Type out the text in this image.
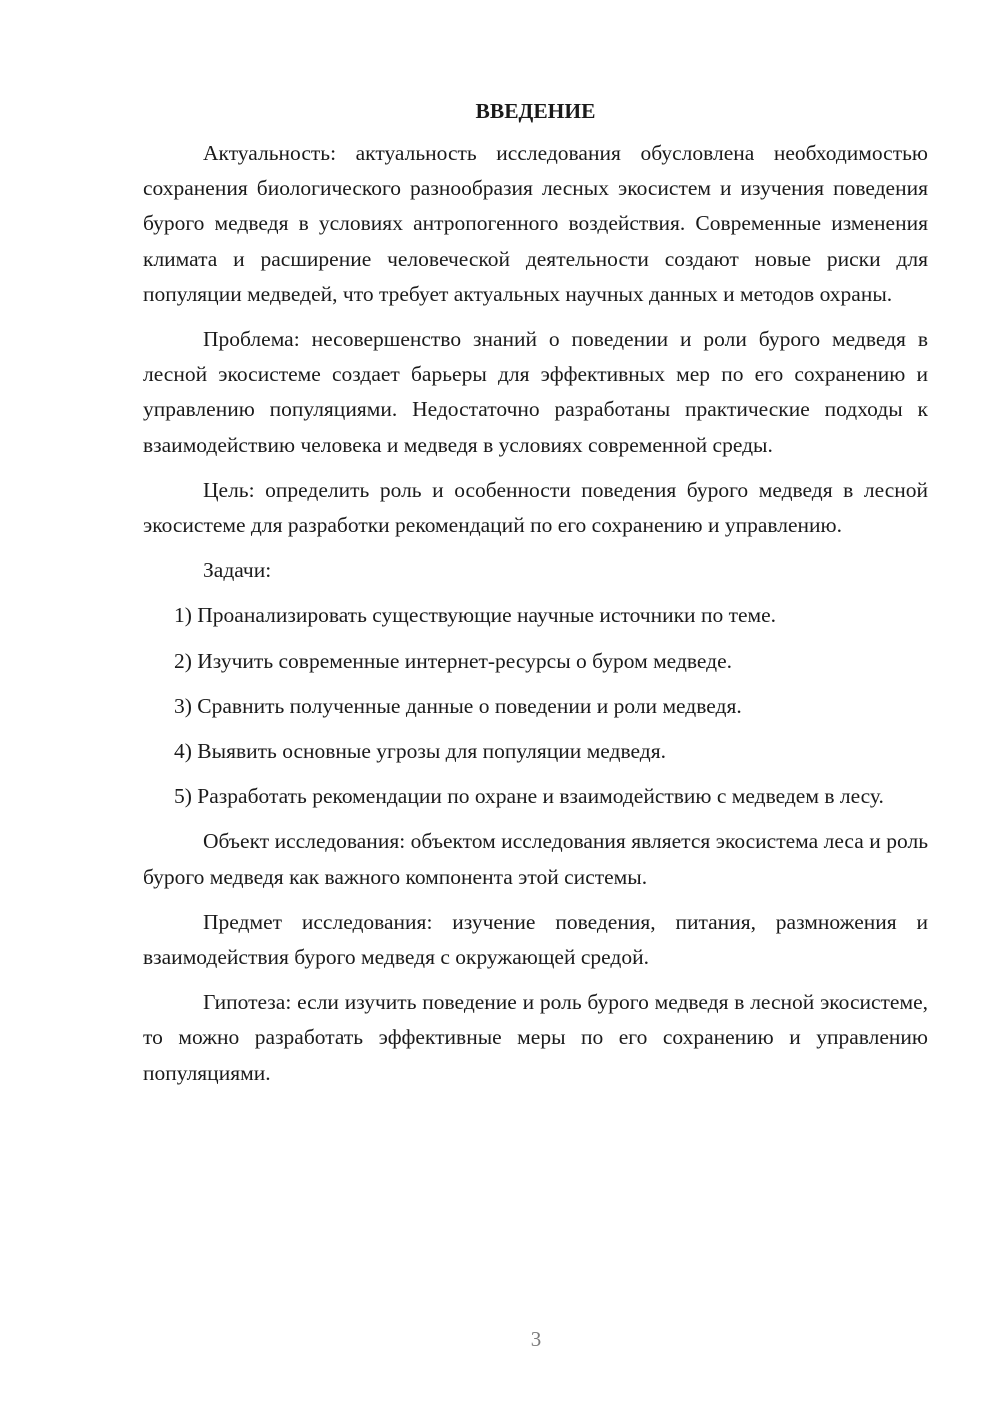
ВВЕДЕНИЕ

Актуальность: актуальность исследования обусловлена необходимостью сохранения биологического разнообразия лесных экосистем и изучения поведения бурого медведя в условиях антропогенного воздействия. Современные изменения климата и расширение человеческой деятельности создают новые риски для популяции медведей, что требует актуальных научных данных и методов охраны.

Проблема: несовершенство знаний о поведении и роли бурого медведя в лесной экосистеме создает барьеры для эффективных мер по его сохранению и управлению популяциями. Недостаточно разработаны практические подходы к взаимодействию человека и медведя в условиях современной среды.

Цель: определить роль и особенности поведения бурого медведя в лесной экосистеме для разработки рекомендаций по его сохранению и управлению.

Задачи:

1) Проанализировать существующие научные источники по теме.

2) Изучить современные интернет-ресурсы о буром медведе.

3) Сравнить полученные данные о поведении и роли медведя.

4) Выявить основные угрозы для популяции медведя.

5) Разработать рекомендации по охране и взаимодействию с медведем в лесу.

Объект исследования: объектом исследования является экосистема леса и роль бурого медведя как важного компонента этой системы.

Предмет исследования: изучение поведения, питания, размножения и взаимодействия бурого медведя с окружающей средой.

Гипотеза: если изучить поведение и роль бурого медведя в лесной экосистеме, то можно разработать эффективные меры по его сохранению и управлению популяциями.

3
